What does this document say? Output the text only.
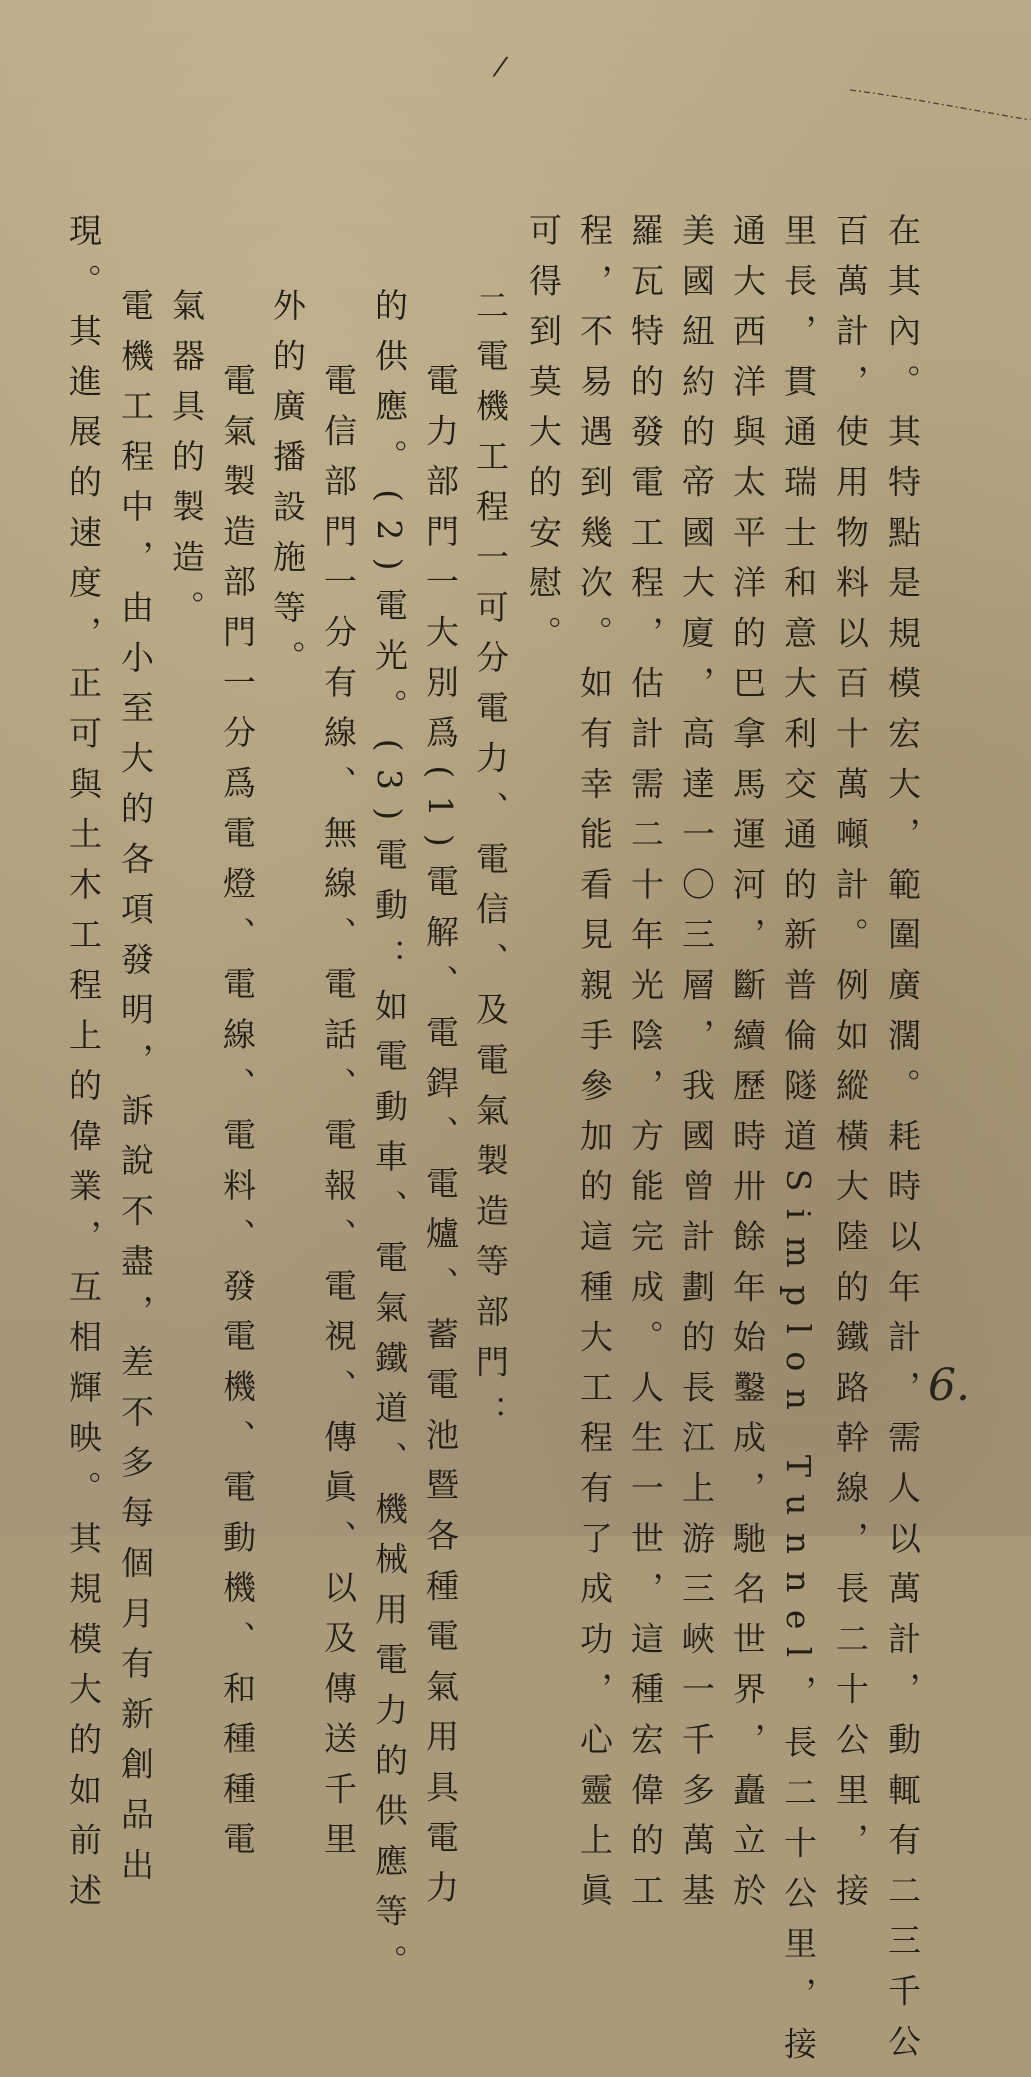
/
在其內。其特點是規模宏大，範圍廣濶。耗時以年計，需人以萬計，動輒有二三千公
百萬計，使用物料以百十萬噸計。例如縱橫大陸的鐵路幹線，長二十公里，接
里長，貫通瑞士和意大利交通的新普倫隧道Simplon Tunnel，長二十公里，接
通大西洋與太平洋的巴拿馬運河，斷續歷時卅餘年始鑿成，馳名世界，矗立於
美國紐約的帝國大廈，高達一〇三層，我國曾計劃的長江上游三峽一千多萬基
羅瓦特的發電工程，估計需二十年光陰，方能完成。人生一世，這種宏偉的工
程，不易遇到幾次。如有幸能看見親手參加的這種大工程有了成功，心靈上眞
可得到莫大的安慰。
二電機工程一可分電力、電信、及電氣製造等部門：
電力部門一大別爲(1)電解、電銲、電爐、蓄電池暨各種電氣用具電力
的供應。(2)電光。(3)電動：如電動車、電氣鐵道、機械用電力的供應等。
電信部門一分有線、無線、電話、電報、電視、傳眞、以及傳送千里
外的廣播設施等。
電氣製造部門一分爲電燈、電線、電料、發電機、電動機、和種種電
氣器具的製造。
電機工程中，由小至大的各項發明，訴說不盡，差不多每個月有新創品出
現。其進展的速度，正可與土木工程上的偉業，互相輝映。其規模大的如前述	6.
